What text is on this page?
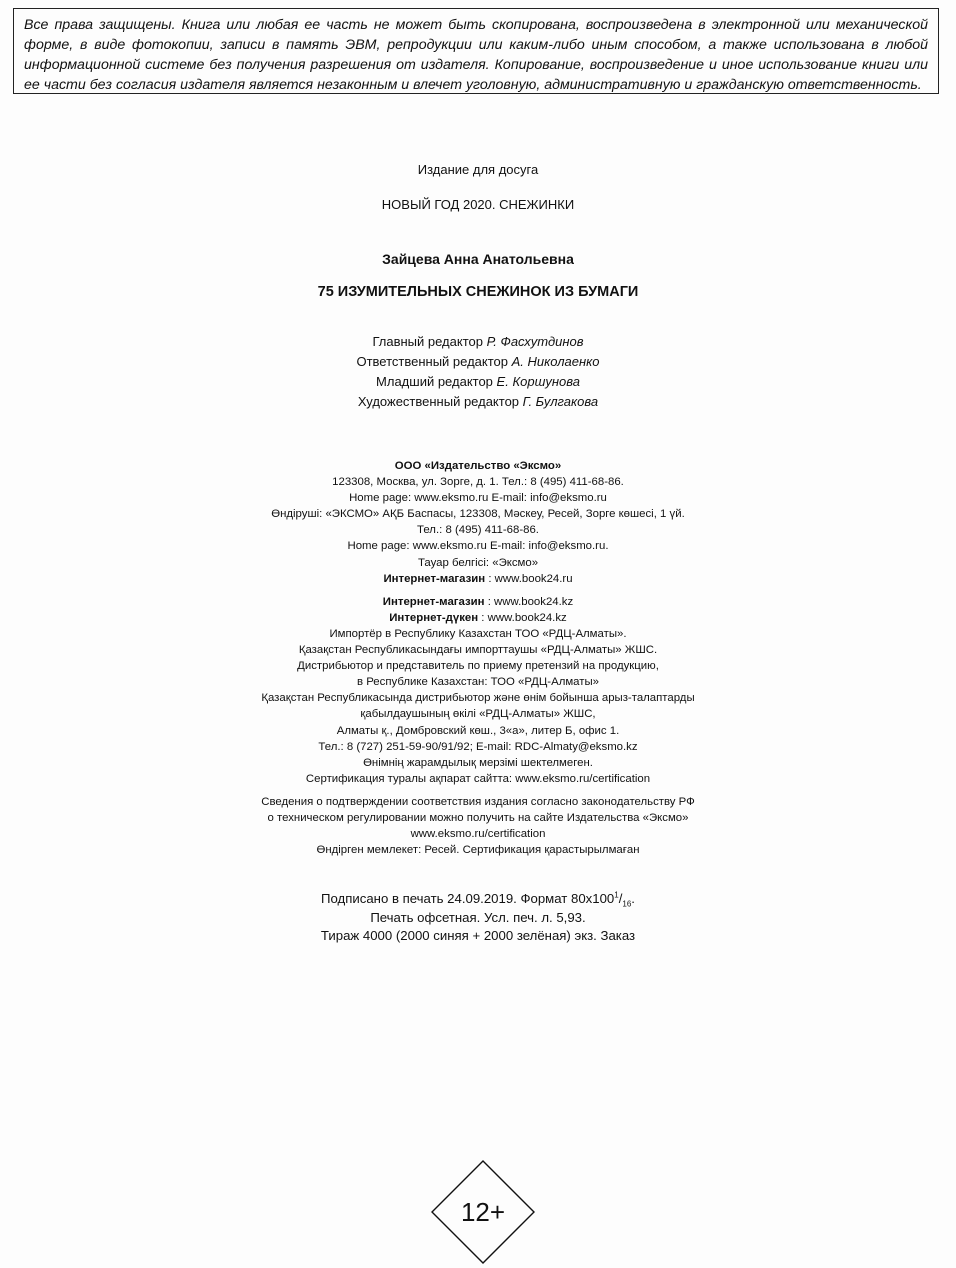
Все права защищены. Книга или любая ее часть не может быть скопирована, воспроизведена в электронной или механической форме, в виде фотокопии, записи в память ЭВМ, репродукции или каким-либо иным способом, а также использована в любой информационной системе без получения разрешения от издателя. Копирование, воспроизведение и иное использование книги или ее части без согласия издателя является незаконным и влечет уголовную, административную и гражданскую ответственность.
Издание для досуга
НОВЫЙ ГОД 2020. СНЕЖИНКИ
Зайцева Анна Анатольевна
75 ИЗУМИТЕЛЬНЫХ СНЕЖИНОК ИЗ БУМАГИ
Главный редактор Р. Фасхутдинов
Ответственный редактор А. Николаенко
Младший редактор Е. Коршунова
Художественный редактор Г. Булгакова
ООО «Издательство «Эксмо»
123308, Москва, ул. Зорге, д. 1. Тел.: 8 (495) 411-68-86.
Home page: www.eksmo.ru E-mail: info@eksmo.ru
Өндіруші: «ЭКСМО» АҚБ Баспасы, 123308, Мәскеу, Ресей, Зорге көшесі, 1 үй.
Тел.: 8 (495) 411-68-86.
Home page: www.eksmo.ru E-mail: info@eksmo.ru.
Тауар белгісі: «Эксмо»
Интернет-магазин : www.book24.ru
Интернет-магазин : www.book24.kz
Интернет-дүкен : www.book24.kz
Импортёр в Республику Казахстан ТОО «РДЦ-Алматы».
Қазақстан Республикасындағы импорттаушы «РДЦ-Алматы» ЖШС.
Дистрибьютор и представитель по приему претензий на продукцию,
в Республике Казахстан: ТОО «РДЦ-Алматы»
Қазақстан Республикасында дистрибьютор және өнім бойынша арыз-талаптарды
қабылдаушының өкілі «РДЦ-Алматы» ЖШС,
Алматы қ., Домбровский көш., 3«а», литер Б, офис 1.
Тел.: 8 (727) 251-59-90/91/92; E-mail: RDC-Almaty@eksmo.kz
Өнімнің жарамдылық мерзімі шектелмеген.
Сертификация туралы ақпарат сайтта: www.eksmo.ru/certification
Сведения о подтверждении соответствия издания согласно законодательству РФ
о техническом регулировании можно получить на сайте Издательства «Эксмо»
www.eksmo.ru/certification
Өндірген мемлекет: Ресей. Сертификация қарастырылмаған
Подписано в печать 24.09.2019. Формат $80х100^1/_{16}$.
Печать офсетная. Усл. печ. л. 5,93.
Тираж 4000 (2000 синяя + 2000 зелёная) экз. Заказ
12+
